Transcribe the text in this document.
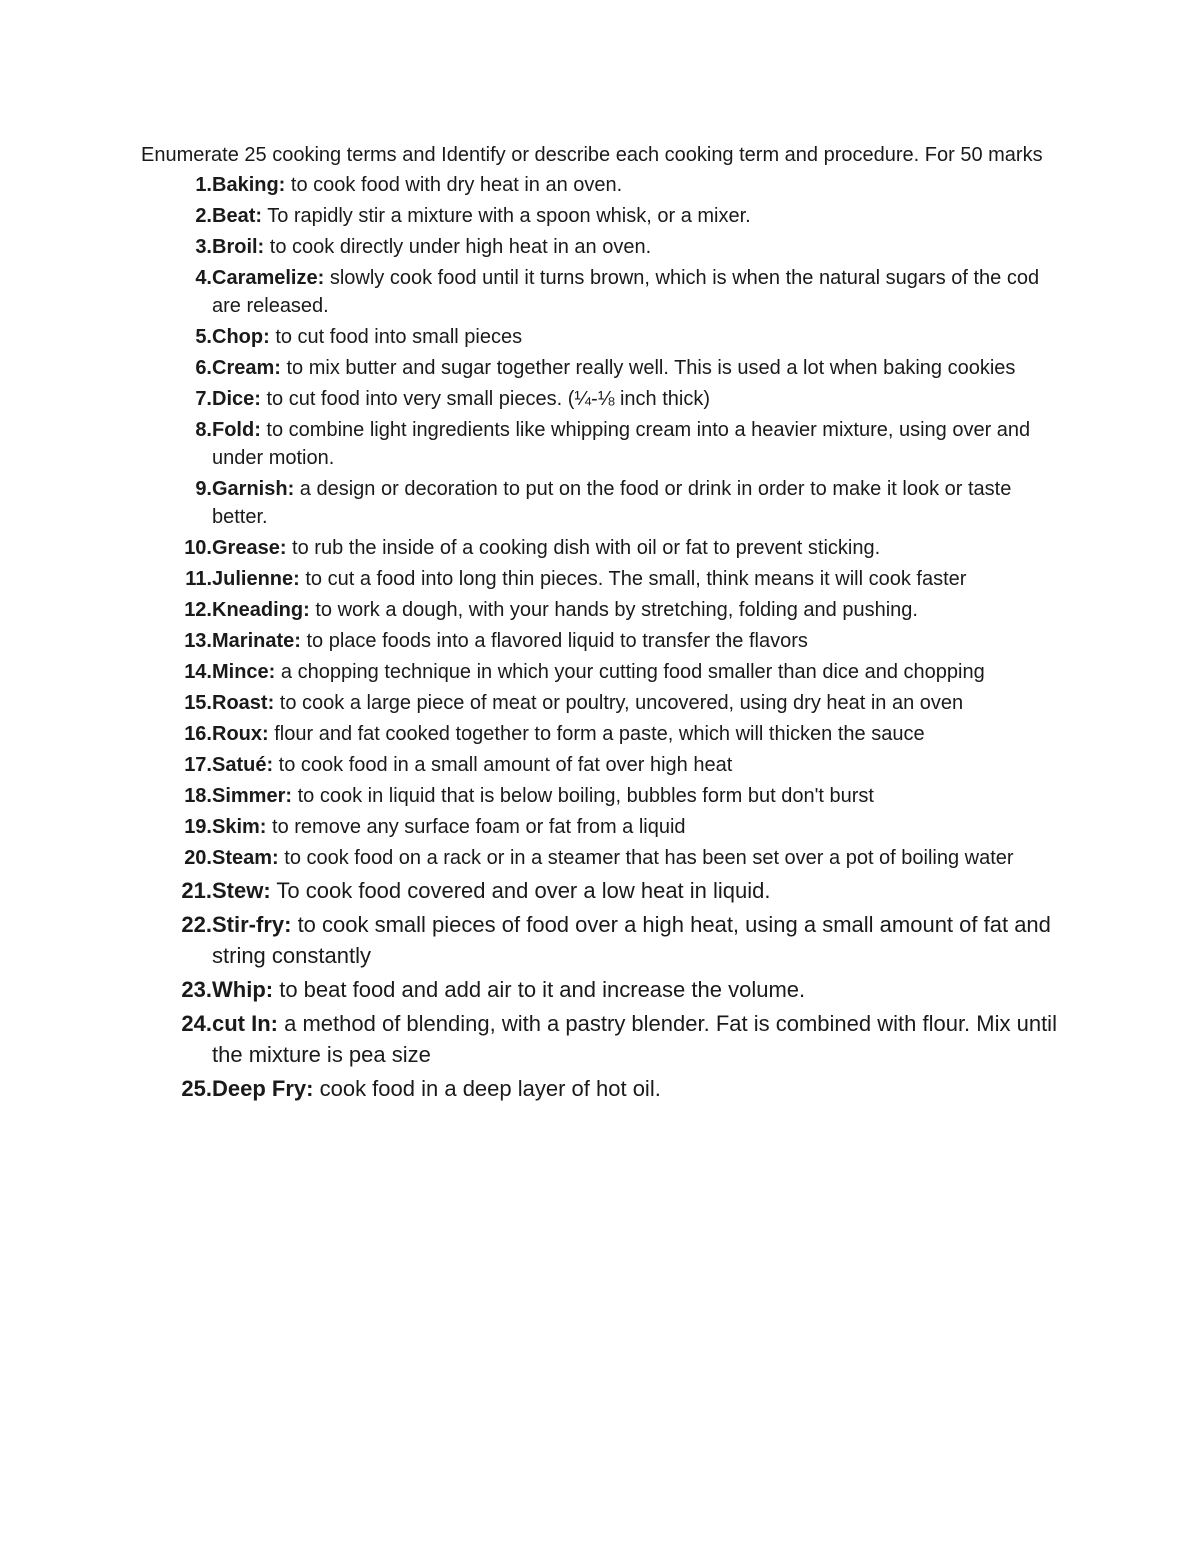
Enumerate 25 cooking terms and Identify or describe each cooking term and procedure. For 50 marks

1. Baking: to cook food with dry heat in an oven.
2. Beat: To rapidly stir a mixture with a spoon whisk, or a mixer.
3. Broil: to cook directly under high heat in an oven.
4. Caramelize: slowly cook food until it turns brown, which is when the natural sugars of the cod are released.
5. Chop: to cut food into small pieces
6. Cream: to mix butter and sugar together really well. This is used a lot when baking cookies
7. Dice: to cut food into very small pieces. (¼-⅛ inch thick)
8. Fold: to combine light ingredients like whipping cream into a heavier mixture, using over and under motion.
9. Garnish: a design or decoration to put on the food or drink in order to make it look or taste better.
10. Grease: to rub the inside of a cooking dish with oil or fat to prevent sticking.
11. Julienne: to cut a food into long thin pieces. The small, think means it will cook faster
12. Kneading: to work a dough, with your hands by stretching, folding and pushing.
13. Marinate: to place foods into a flavored liquid to transfer the flavors
14. Mince: a chopping technique in which your cutting food smaller than dice and chopping
15. Roast: to cook a large piece of meat or poultry, uncovered, using dry heat in an oven
16. Roux: flour and fat cooked together to form a paste, which will thicken the sauce
17. Satué: to cook food in a small amount of fat over high heat
18. Simmer: to cook in liquid that is below boiling, bubbles form but don't burst
19. Skim: to remove any surface foam or fat from a liquid
20. Steam: to cook food on a rack or in a steamer that has been set over a pot of boiling water
21. Stew: To cook food covered and over a low heat in liquid.
22. Stir-fry: to cook small pieces of food over a high heat, using a small amount of fat and string constantly
23. Whip: to beat food and add air to it and increase the volume.
24. cut In: a method of blending, with a pastry blender. Fat is combined with flour. Mix until the mixture is pea size
25. Deep Fry: cook food in a deep layer of hot oil.
